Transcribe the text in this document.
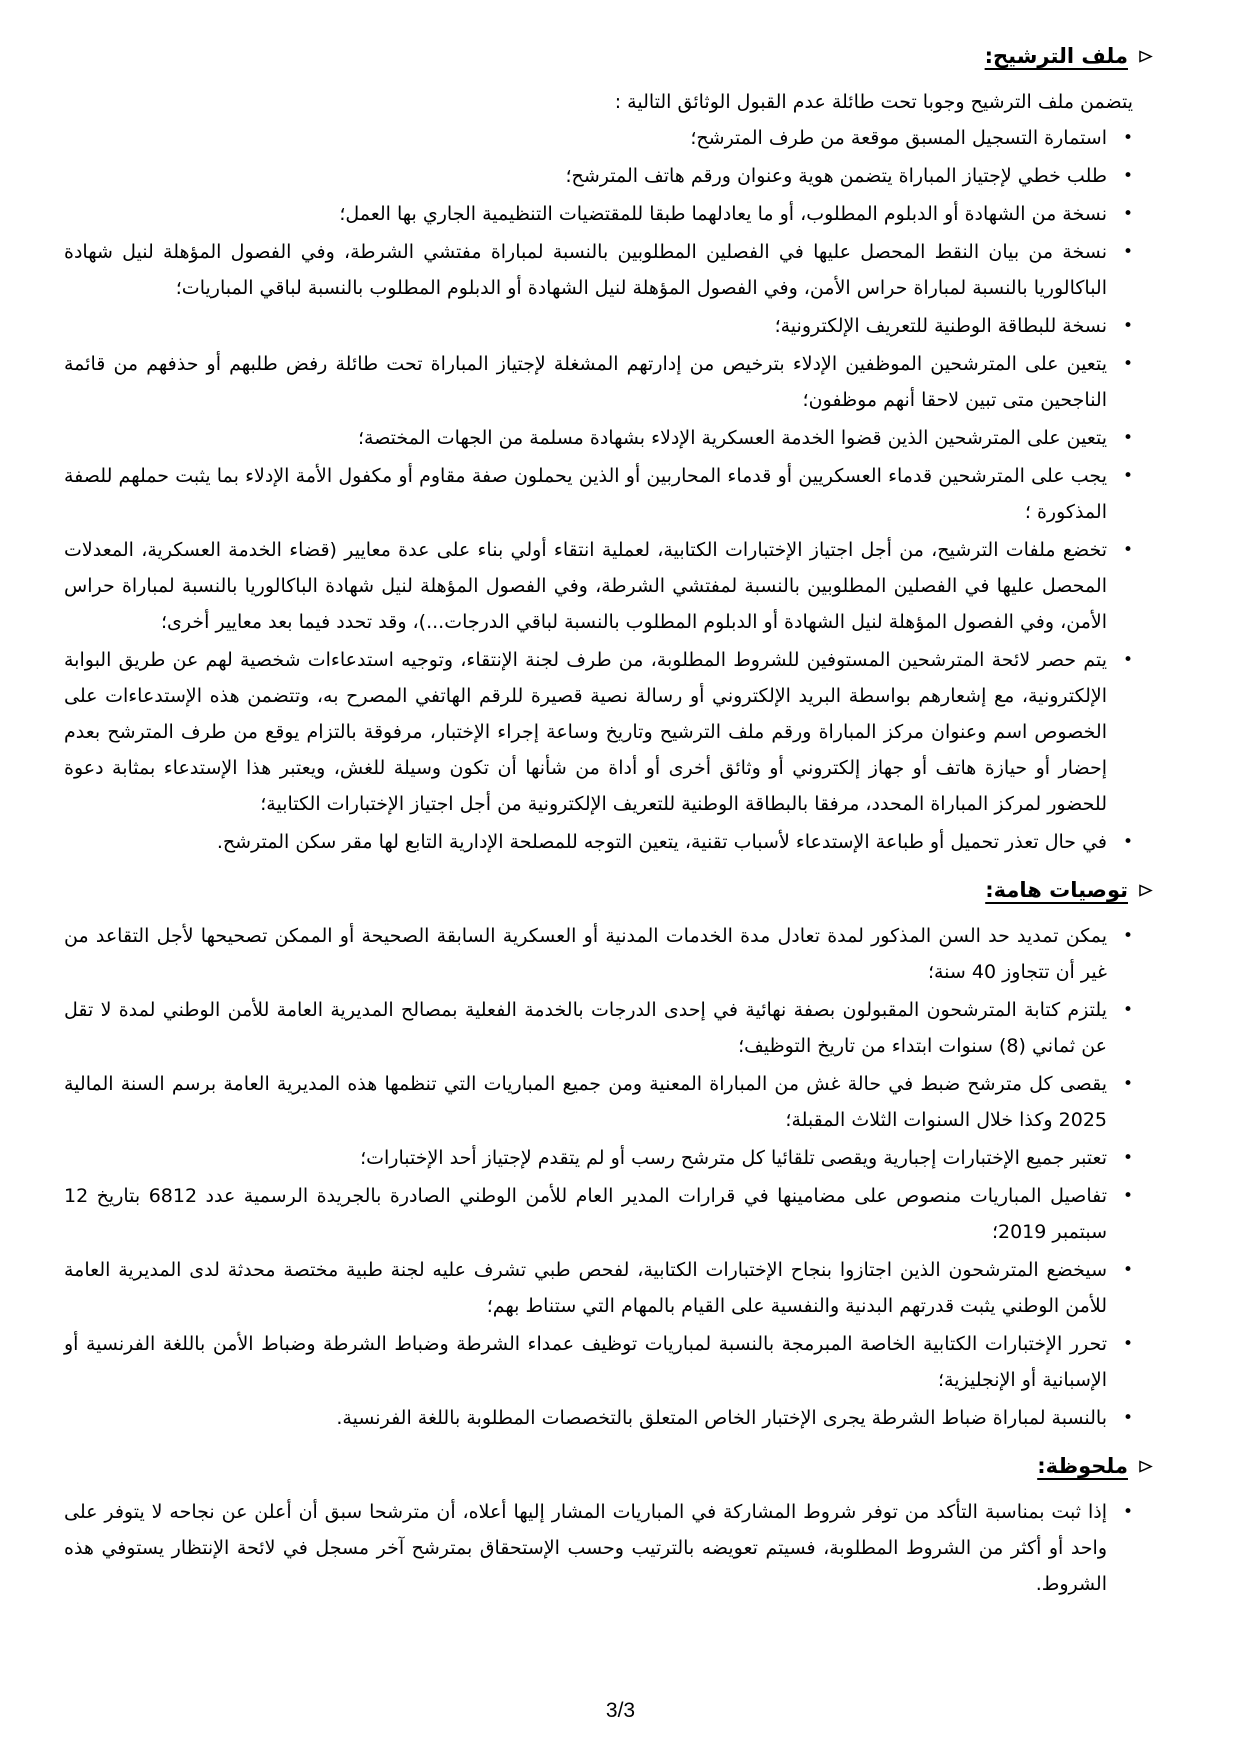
ملف الترشيح:

يتضمن ملف الترشيح وجوبا تحت طائلة عدم القبول الوثائق التالية :

•
استمارة التسجيل المسبق موقعة من طرف المترشح؛
•
طلب خطي لإجتياز المباراة يتضمن هوية وعنوان ورقم هاتف المترشح؛
•
نسخة من الشهادة أو الدبلوم المطلوب، أو ما يعادلهما طبقا للمقتضيات التنظيمية الجاري بها العمل؛
•
نسخة من بيان النقط المحصل عليها في الفصلين المطلوبين بالنسبة لمباراة مفتشي الشرطة، وفي الفصول المؤهلة لنيل شهادة الباكالوريا بالنسبة لمباراة حراس الأمن، وفي الفصول المؤهلة لنيل الشهادة أو الدبلوم المطلوب بالنسبة لباقي المباريات؛
•
نسخة للبطاقة الوطنية للتعريف الإلكترونية؛
•
يتعين على المترشحين الموظفين الإدلاء بترخيص من إدارتهم المشغلة لإجتياز المباراة تحت طائلة رفض طلبهم أو حذفهم من قائمة الناجحين متى تبين لاحقا أنهم موظفون؛
•
يتعين على المترشحين الذين قضوا الخدمة العسكرية الإدلاء بشهادة مسلمة من الجهات المختصة؛
•
يجب على المترشحين قدماء العسكريين أو قدماء المحاربين أو الذين يحملون صفة مقاوم أو مكفول الأمة الإدلاء بما يثبت حملهم للصفة المذكورة ؛
•
تخضع ملفات الترشيح، من أجل اجتياز الإختبارات الكتابية، لعملية انتقاء أولي بناء على عدة معايير (قضاء الخدمة العسكرية، المعدلات المحصل عليها في الفصلين المطلوبين بالنسبة لمفتشي الشرطة، وفي الفصول المؤهلة لنيل شهادة الباكالوريا بالنسبة لمباراة حراس الأمن، وفي الفصول المؤهلة لنيل الشهادة أو الدبلوم المطلوب بالنسبة لباقي الدرجات...)، وقد تحدد فيما بعد معايير أخرى؛
•
يتم حصر لائحة المترشحين المستوفين للشروط المطلوبة، من طرف لجنة الإنتقاء، وتوجيه استدعاءات شخصية لهم عن طريق البوابة الإلكترونية، مع إشعارهم بواسطة البريد الإلكتروني أو رسالة نصية قصيرة للرقم الهاتفي المصرح به، وتتضمن هذه الإستدعاءات على الخصوص اسم وعنوان مركز المباراة ورقم ملف الترشيح وتاريخ وساعة إجراء الإختبار، مرفوقة بالتزام يوقع من طرف المترشح بعدم إحضار أو حيازة هاتف أو جهاز إلكتروني أو وثائق أخرى أو أداة من شأنها أن تكون وسيلة للغش، ويعتبر هذا الإستدعاء بمثابة دعوة للحضور لمركز المباراة المحدد، مرفقا بالبطاقة الوطنية للتعريف الإلكترونية من أجل اجتياز الإختبارات الكتابية؛
•
في حال تعذر تحميل أو طباعة الإستدعاء لأسباب تقنية، يتعين التوجه للمصلحة الإدارية التابع لها مقر سكن المترشح.
توصيات هامة:
•
يمكن تمديد حد السن المذكور لمدة تعادل مدة الخدمات المدنية أو العسكرية السابقة الصحيحة أو الممكن تصحيحها لأجل التقاعد من غير أن تتجاوز 40 سنة؛
•
يلتزم كتابة المترشحون المقبولون بصفة نهائية في إحدى الدرجات بالخدمة الفعلية بمصالح المديرية العامة للأمن الوطني لمدة لا تقل عن ثماني (8) سنوات ابتداء من تاريخ التوظيف؛
•
يقصى كل مترشح ضبط في حالة غش من المباراة المعنية ومن جميع المباريات التي تنظمها هذه المديرية العامة برسم السنة المالية 2025 وكذا خلال السنوات الثلاث المقبلة؛
•
تعتبر جميع الإختبارات إجبارية ويقصى تلقائيا كل مترشح رسب أو لم يتقدم لإجتياز أحد الإختبارات؛
•
تفاصيل المباريات منصوص على مضامينها في قرارات المدير العام للأمن الوطني الصادرة بالجريدة الرسمية عدد 6812 بتاريخ 12 سبتمبر 2019؛
•
سيخضع المترشحون الذين اجتازوا بنجاح الإختبارات الكتابية، لفحص طبي تشرف عليه لجنة طبية مختصة محدثة لدى المديرية العامة للأمن الوطني يثبت قدرتهم البدنية والنفسية على القيام بالمهام التي ستناط بهم؛
•
تحرر الإختبارات الكتابية الخاصة المبرمجة بالنسبة لمباريات توظيف عمداء الشرطة وضباط الشرطة وضباط الأمن باللغة الفرنسية أو الإسبانية أو الإنجليزية؛
•
بالنسبة لمباراة ضباط الشرطة يجرى الإختبار الخاص المتعلق بالتخصصات المطلوبة باللغة الفرنسية.
ملحوظة:
•
إذا ثبت بمناسبة التأكد من توفر شروط المشاركة في المباريات المشار إليها أعلاه، أن مترشحا سبق أن أعلن عن نجاحه لا يتوفر على واحد أو أكثر من الشروط المطلوبة، فسيتم تعويضه بالترتيب وحسب الإستحقاق بمترشح آخر مسجل في لائحة الإنتظار يستوفي هذه الشروط.
3/3
